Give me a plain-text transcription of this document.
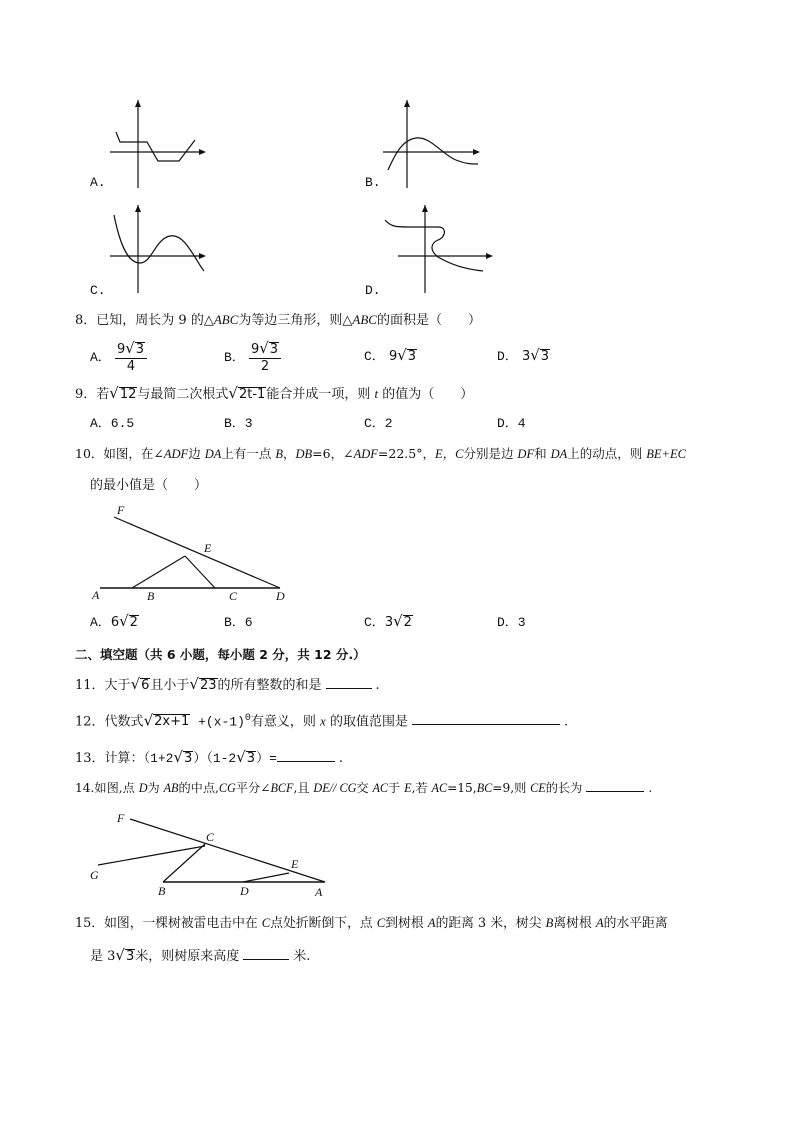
A.	B.
C.	D.
8．已知，周长为 9 的△ABC为等边三角形，则△ABC的面积是（　　）
A． $\frac{9√3}{4}$	B． $\frac{9√3}{2}$	C． 9√3	D． 3√3
9．若√12与最简二次根式√2t-1能合并成一项，则 t 的值为（　　）
A．6.5	B．3	C．2	D．4
10．如图，在∠ADF边 DA上有一点 B，DB=6，∠ADF=22.5°，E，C分别是边 DF和 DA上的动点，则 BE+EC
的最小值是（　　）
F
E
A	B	C	D
A．6√2	B．6	C．3√2	D．3
二、填空题（共 6 小题，每小题 2 分，共 12 分.）
11．大于√6且小于√23的所有整数的和是	.
12．代数式$√2x+1 +(x-1)^0$有意义，则 x 的取值范围是	.
13．计算：（1+2√3）（1-2√3）=	.
14.如图,点 D为 AB的中点,CG平分∠BCF,且 DE// CG交 AC于 E,若 AC=15,BC=9,则 CE的长为	.
F
C
G
E
B	D	A
15．如图，一棵树被雷电击中在 C点处折断倒下，点 C到树根 A的距离 3 米，树尖 B离树根 A的水平距离
是 3√3米，则树原来高度	米.
